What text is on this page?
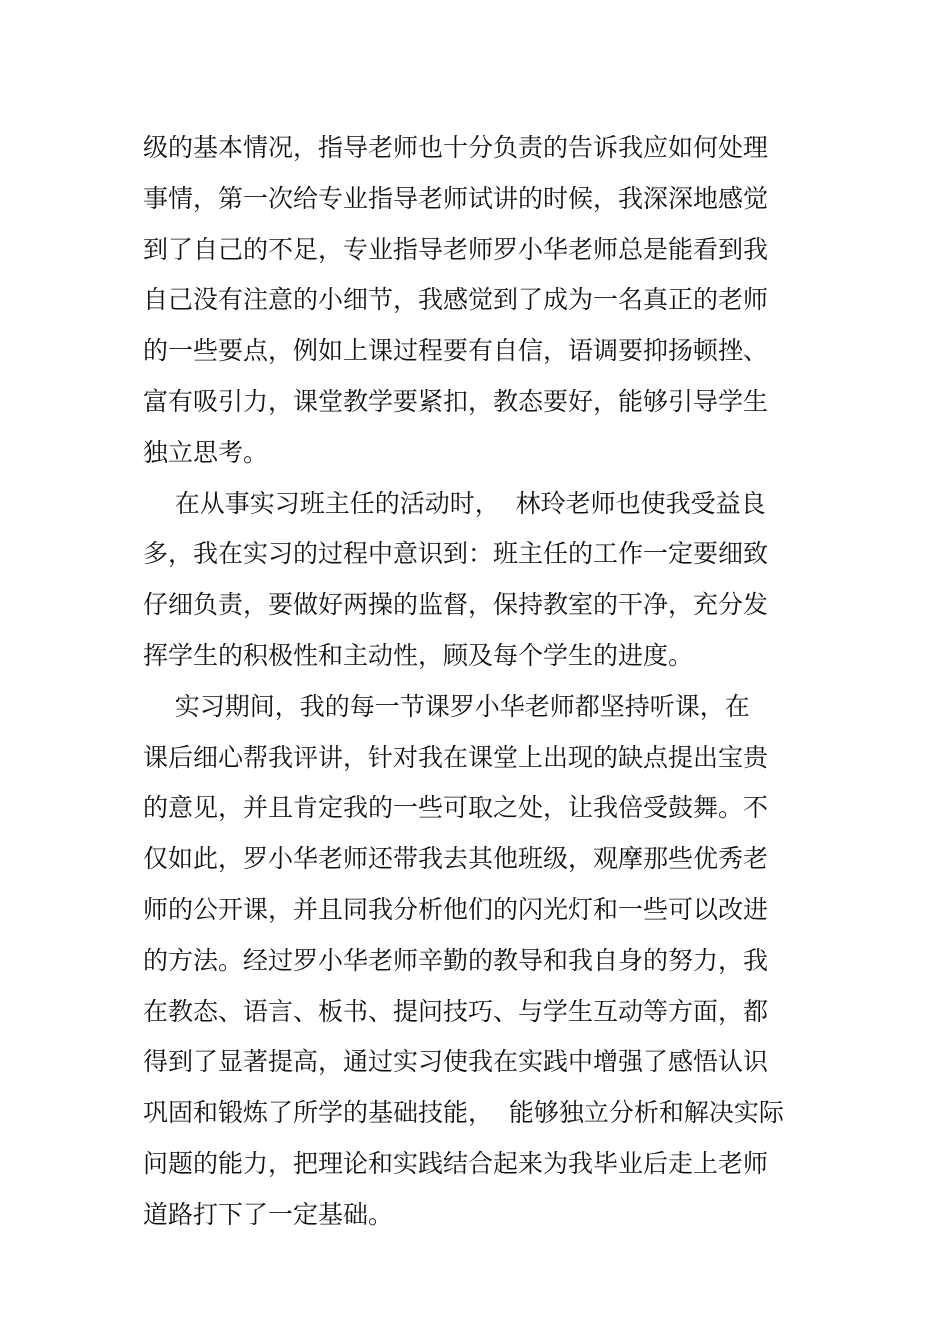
级的基本情况，指导老师也十分负责的告诉我应如何处理
事情，第一次给专业指导老师试讲的时候，我深深地感觉
到了自己的不足，专业指导老师罗小华老师总是能看到我
自己没有注意的小细节，我感觉到了成为一名真正的老师
的一些要点，例如上课过程要有自信，语调要抑扬顿挫、
富有吸引力，课堂教学要紧扣，教态要好，能够引导学生
独立思考。
在从事实习班主任的活动时，  林玲老师也使我受益良
多，我在实习的过程中意识到：班主任的工作一定要细致
仔细负责，要做好两操的监督，保持教室的干净，充分发
挥学生的积极性和主动性，顾及每个学生的进度。
实习期间，我的每一节课罗小华老师都坚持听课，在
课后细心帮我评讲，针对我在课堂上出现的缺点提出宝贵
的意见，并且肯定我的一些可取之处，让我倍受鼓舞。不
仅如此，罗小华老师还带我去其他班级，观摩那些优秀老
师的公开课，并且同我分析他们的闪光灯和一些可以改进
的方法。经过罗小华老师辛勤的教导和我自身的努力，我
在教态、语言、板书、提问技巧、与学生互动等方面，都
得到了显著提高，通过实习使我在实践中增强了感悟认识
巩固和锻炼了所学的基础技能，  能够独立分析和解决实际
问题的能力，把理论和实践结合起来为我毕业后走上老师
道路打下了一定基础。
